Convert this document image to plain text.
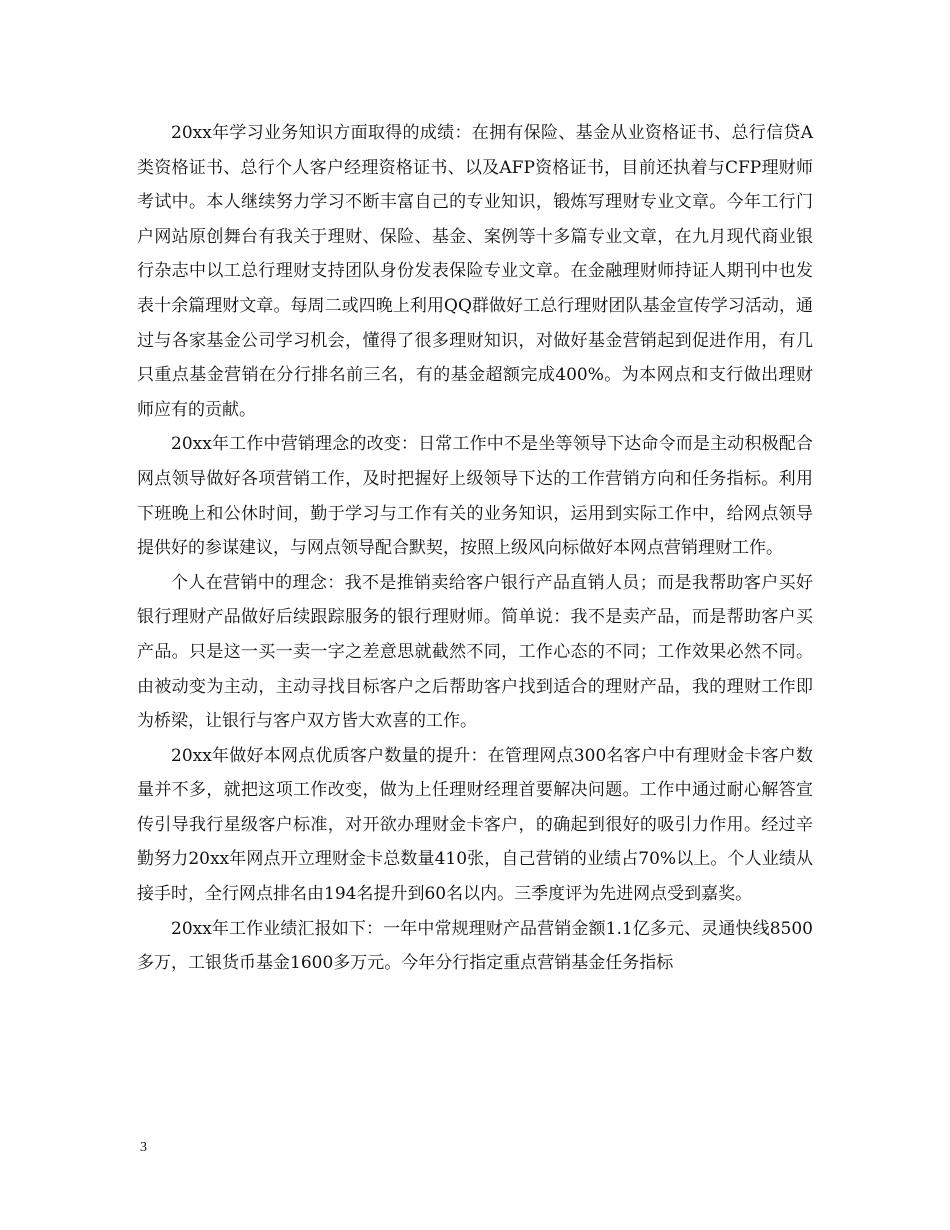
20xx年学习业务知识方面取得的成绩：在拥有保险、基金从业资格证书、总行信贷A类资格证书、总行个人客户经理资格证书、以及AFP资格证书，目前还执着与CFP理财师考试中。本人继续努力学习不断丰富自己的专业知识，锻炼写理财专业文章。今年工行门户网站原创舞台有我关于理财、保险、基金、案例等十多篇专业文章，在九月现代商业银行杂志中以工总行理财支持团队身份发表保险专业文章。在金融理财师持证人期刊中也发表十余篇理财文章。每周二或四晚上利用QQ群做好工总行理财团队基金宣传学习活动，通过与各家基金公司学习机会，懂得了很多理财知识，对做好基金营销起到促进作用，有几只重点基金营销在分行排名前三名，有的基金超额完成400%。为本网点和支行做出理财师应有的贡献。

20xx年工作中营销理念的改变：日常工作中不是坐等领导下达命令而是主动积极配合网点领导做好各项营销工作，及时把握好上级领导下达的工作营销方向和任务指标。利用下班晚上和公休时间，勤于学习与工作有关的业务知识，运用到实际工作中，给网点领导提供好的参谋建议，与网点领导配合默契，按照上级风向标做好本网点营销理财工作。

个人在营销中的理念：我不是推销卖给客户银行产品直销人员；而是我帮助客户买好银行理财产品做好后续跟踪服务的银行理财师。简单说：我不是卖产品，而是帮助客户买产品。只是这一买一卖一字之差意思就截然不同，工作心态的不同；工作效果必然不同。由被动变为主动，主动寻找目标客户之后帮助客户找到适合的理财产品，我的理财工作即为桥梁，让银行与客户双方皆大欢喜的工作。

20xx年做好本网点优质客户数量的提升：在管理网点300名客户中有理财金卡客户数量并不多，就把这项工作改变，做为上任理财经理首要解决问题。工作中通过耐心解答宣传引导我行星级客户标准，对开欲办理财金卡客户，的确起到很好的吸引力作用。经过辛勤努力20xx年网点开立理财金卡总数量410张，自己营销的业绩占70%以上。个人业绩从接手时，全行网点排名由194名提升到60名以内。三季度评为先进网点受到嘉奖。

20xx年工作业绩汇报如下：一年中常规理财产品营销金额1.1亿多元、灵通快线8500多万，工银货币基金1600多万元。今年分行指定重点营销基金任务指标

3
